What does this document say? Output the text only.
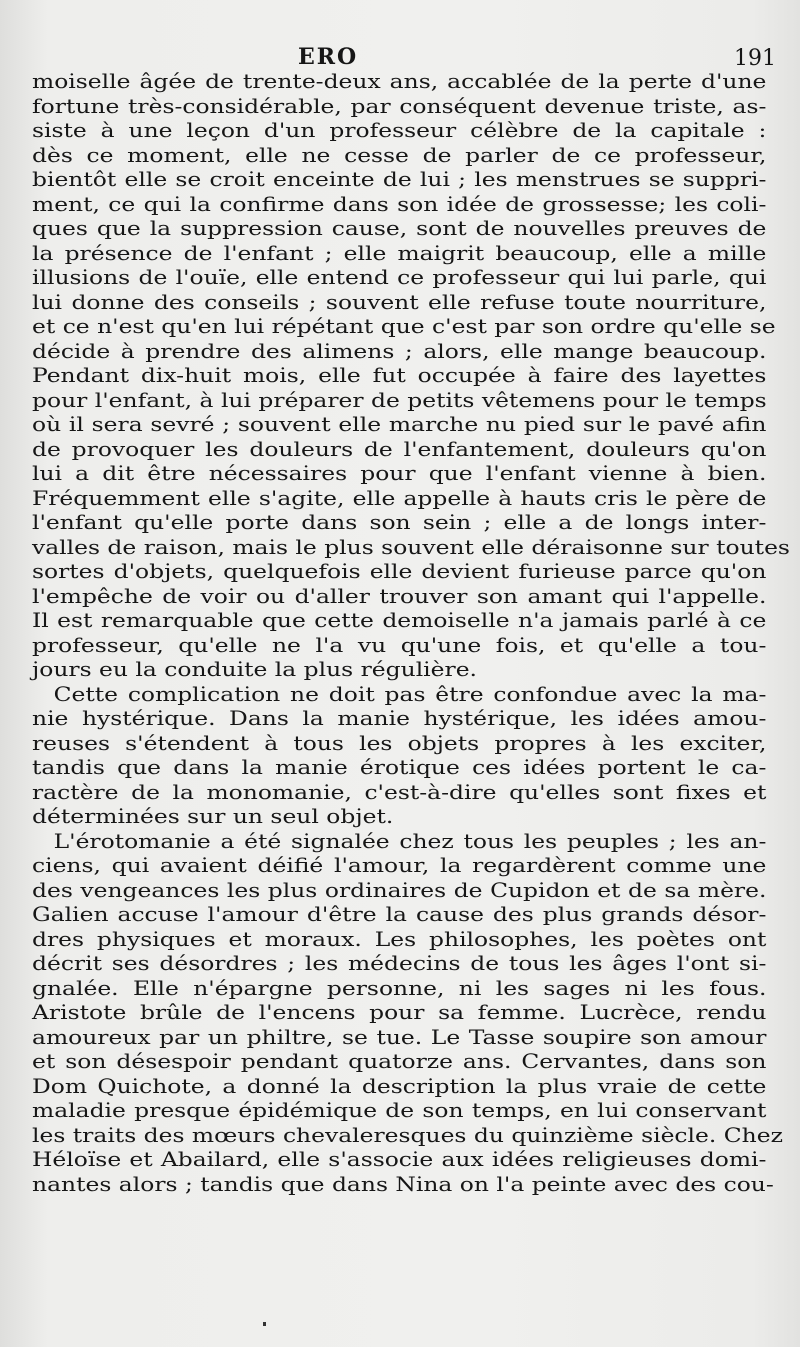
ERO	191
moiselle âgée de trente-deux ans, accablée de la perte d'une
fortune très-considérable, par conséquent devenue triste, as-
siste à une leçon d'un professeur célèbre de la capitale :
dès ce moment, elle ne cesse de parler de ce professeur,
bientôt elle se croit enceinte de lui ; les menstrues se suppri-
ment, ce qui la confirme dans son idée de grossesse; les coli-
ques que la suppression cause, sont de nouvelles preuves de
la présence de l'enfant ; elle maigrit beaucoup, elle a mille
illusions de l'ouïe, elle entend ce professeur qui lui parle, qui
lui donne des conseils ; souvent elle refuse toute nourriture,
et ce n'est qu'en lui répétant que c'est par son ordre qu'elle se
décide à prendre des alimens ; alors, elle mange beaucoup.
Pendant dix-huit mois, elle fut occupée à faire des layettes
pour l'enfant, à lui préparer de petits vêtemens pour le temps
où il sera sevré ; souvent elle marche nu pied sur le pavé afin
de provoquer les douleurs de l'enfantement, douleurs qu'on
lui a dit être nécessaires pour que l'enfant vienne à bien.
Fréquemment elle s'agite, elle appelle à hauts cris le père de
l'enfant qu'elle porte dans son sein ; elle a de longs inter-
valles de raison, mais le plus souvent elle déraisonne sur toutes
sortes d'objets, quelquefois elle devient furieuse parce qu'on
l'empêche de voir ou d'aller trouver son amant qui l'appelle.
Il est remarquable que cette demoiselle n'a jamais parlé à ce
professeur, qu'elle ne l'a vu qu'une fois, et qu'elle a tou-
jours eu la conduite la plus régulière.
Cette complication ne doit pas être confondue avec la ma-
nie hystérique. Dans la manie hystérique, les idées amou-
reuses s'étendent à tous les objets propres à les exciter,
tandis que dans la manie érotique ces idées portent le ca-
ractère de la monomanie, c'est-à-dire qu'elles sont fixes et
déterminées sur un seul objet.
L'érotomanie a été signalée chez tous les peuples ; les an-
ciens, qui avaient déifié l'amour, la regardèrent comme une
des vengeances les plus ordinaires de Cupidon et de sa mère.
Galien accuse l'amour d'être la cause des plus grands désor-
dres physiques et moraux. Les philosophes, les poètes ont
décrit ses désordres ; les médecins de tous les âges l'ont si-
gnalée. Elle n'épargne personne, ni les sages ni les fous.
Aristote brûle de l'encens pour sa femme. Lucrèce, rendu
amoureux par un philtre, se tue. Le Tasse soupire son amour
et son désespoir pendant quatorze ans. Cervantes, dans son
Dom Quichote, a donné la description la plus vraie de cette
maladie presque épidémique de son temps, en lui conservant
les traits des mœurs chevaleresques du quinzième siècle. Chez
Héloïse et Abailard, elle s'associe aux idées religieuses domi-
nantes alors ; tandis que dans Nina on l'a peinte avec des cou-
